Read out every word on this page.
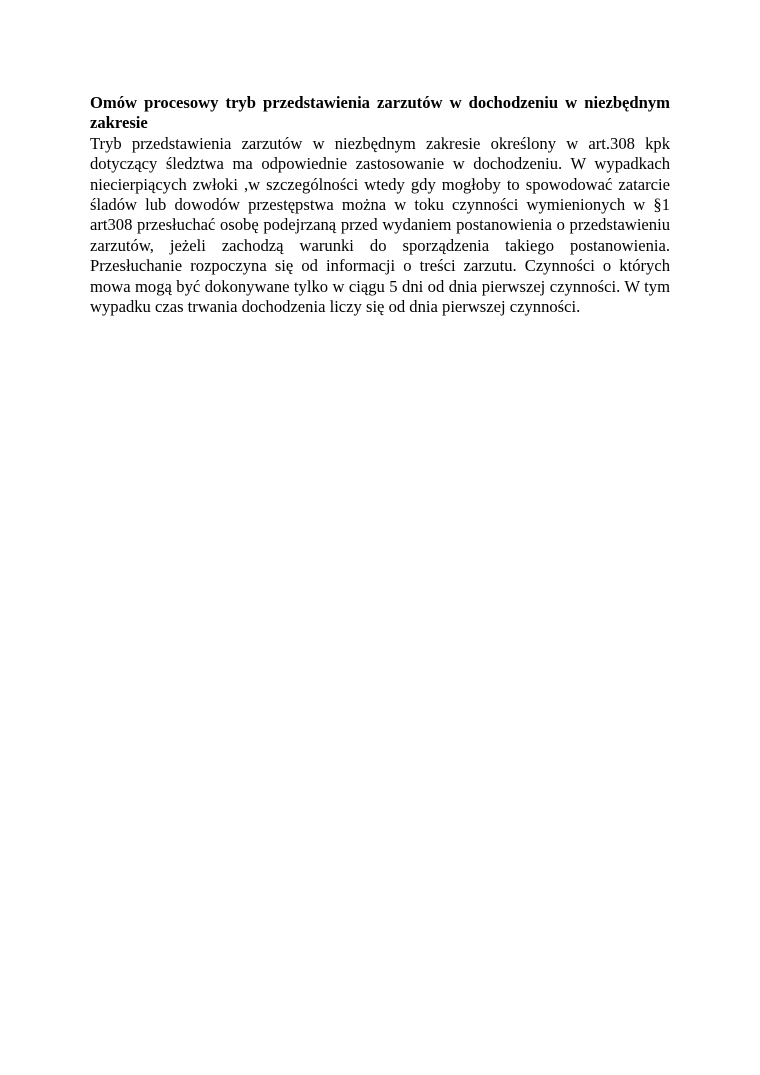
Omów procesowy tryb przedstawienia zarzutów w dochodzeniu w niezbędnym zakresie

Tryb przedstawienia zarzutów w niezbędnym zakresie określony w art.308 kpk dotyczący śledztwa ma odpowiednie zastosowanie w dochodzeniu. W wypadkach niecierpiących zwłoki ,w szczególności wtedy gdy mogłoby to spowodować zatarcie śladów lub dowodów przestępstwa można w toku czynności wymienionych w §1 art308 przesłuchać osobę podejrzaną przed wydaniem postanowienia o przedstawieniu zarzutów, jeżeli zachodzą warunki do sporządzenia takiego postanowienia. Przesłuchanie rozpoczyna się od informacji o treści zarzutu. Czynności o których mowa mogą być dokonywane tylko w ciągu 5 dni od dnia pierwszej czynności. W tym wypadku czas trwania dochodzenia liczy się od dnia pierwszej czynności.
